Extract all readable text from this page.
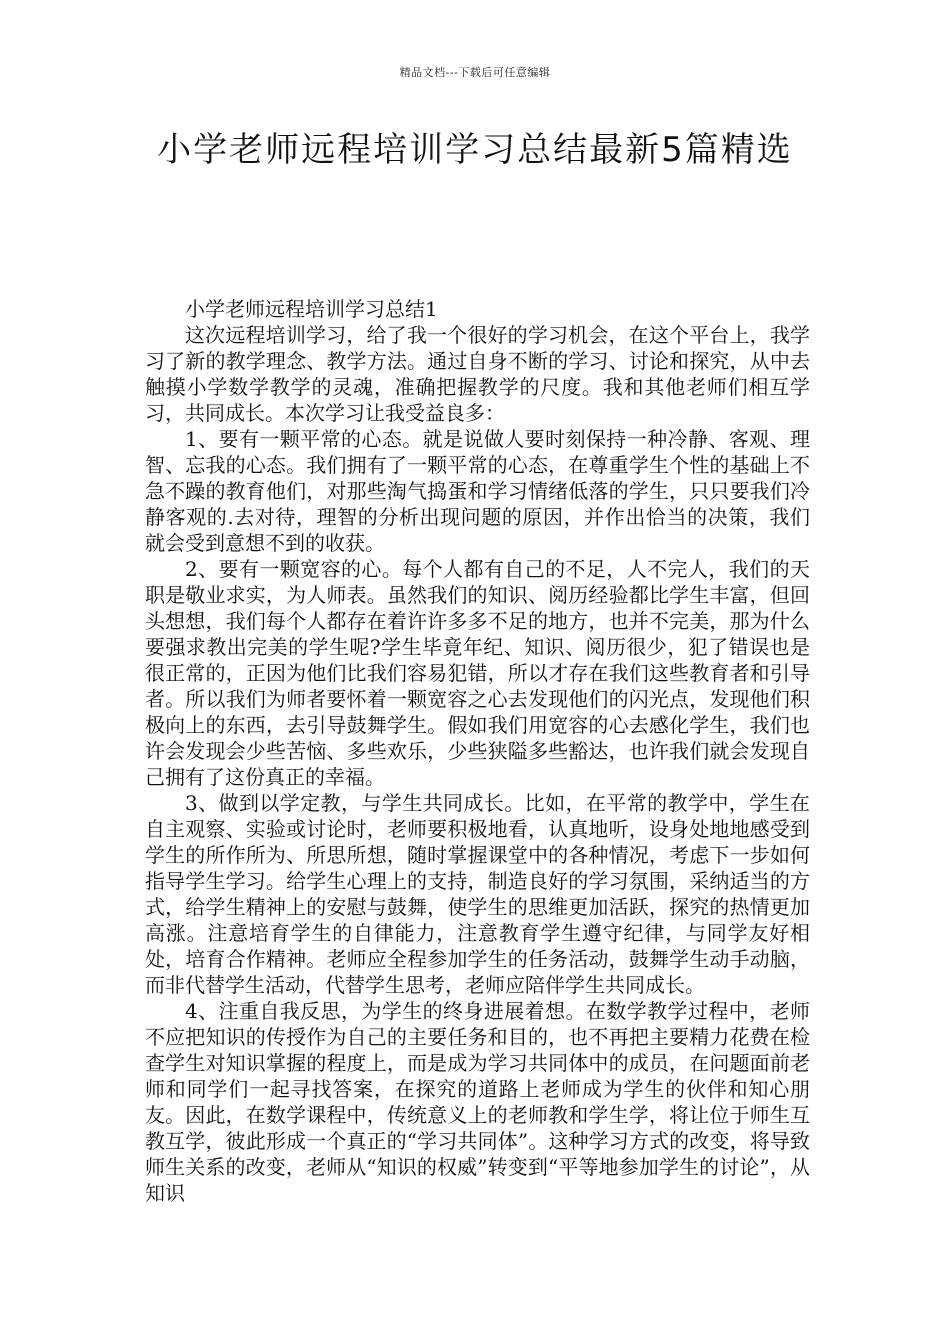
精品文档---下载后可任意编辑
小学老师远程培训学习总结最新5篇精选

小学老师远程培训学习总结1

这次远程培训学习，给了我一个很好的学习机会，在这个平台上，我学习了新的教学理念、教学方法。通过自身不断的学习、讨论和探究，从中去触摸小学数学教学的灵魂，准确把握教学的尺度。我和其他老师们相互学习，共同成长。本次学习让我受益良多：

1、要有一颗平常的心态。就是说做人要时刻保持一种冷静、客观、理智、忘我的心态。我们拥有了一颗平常的心态，在尊重学生个性的基础上不急不躁的教育他们，对那些淘气捣蛋和学习情绪低落的学生，只只要我们冷静客观的.去对待，理智的分析出现问题的原因，并作出恰当的决策，我们就会受到意想不到的收获。

2、要有一颗宽容的心。每个人都有自己的不足，人不完人，我们的天职是敬业求实，为人师表。虽然我们的知识、阅历经验都比学生丰富，但回头想想，我们每个人都存在着许许多多不足的地方，也并不完美，那为什么要强求教出完美的学生呢?学生毕竟年纪、知识、阅历很少，犯了错误也是很正常的，正因为他们比我们容易犯错，所以才存在我们这些教育者和引导者。所以我们为师者要怀着一颗宽容之心去发现他们的闪光点，发现他们积极向上的东西，去引导鼓舞学生。假如我们用宽容的心去感化学生，我们也许会发现会少些苦恼、多些欢乐，少些狭隘多些豁达，也许我们就会发现自己拥有了这份真正的幸福。

3、做到以学定教，与学生共同成长。比如，在平常的教学中，学生在自主观察、实验或讨论时，老师要积极地看，认真地听，设身处地地感受到学生的所作所为、所思所想，随时掌握课堂中的各种情况，考虑下一步如何指导学生学习。给学生心理上的支持，制造良好的学习氛围，采纳适当的方式，给学生精神上的安慰与鼓舞，使学生的思维更加活跃，探究的热情更加高涨。注意培育学生的自律能力，注意教育学生遵守纪律，与同学友好相处，培育合作精神。老师应全程参加学生的任务活动，鼓舞学生动手动脑，而非代替学生活动，代替学生思考，老师应陪伴学生共同成长。

4、注重自我反思，为学生的终身进展着想。在数学教学过程中，老师不应把知识的传授作为自己的主要任务和目的，也不再把主要精力花费在检查学生对知识掌握的程度上，而是成为学习共同体中的成员，在问题面前老师和同学们一起寻找答案，在探究的道路上老师成为学生的伙伴和知心朋友。因此，在数学课程中，传统意义上的老师教和学生学，将让位于师生互教互学，彼此形成一个真正的“学习共同体”。这种学习方式的改变，将导致师生关系的改变，老师从“知识的权威”转变到“平等地参加学生的讨论”，从知识
